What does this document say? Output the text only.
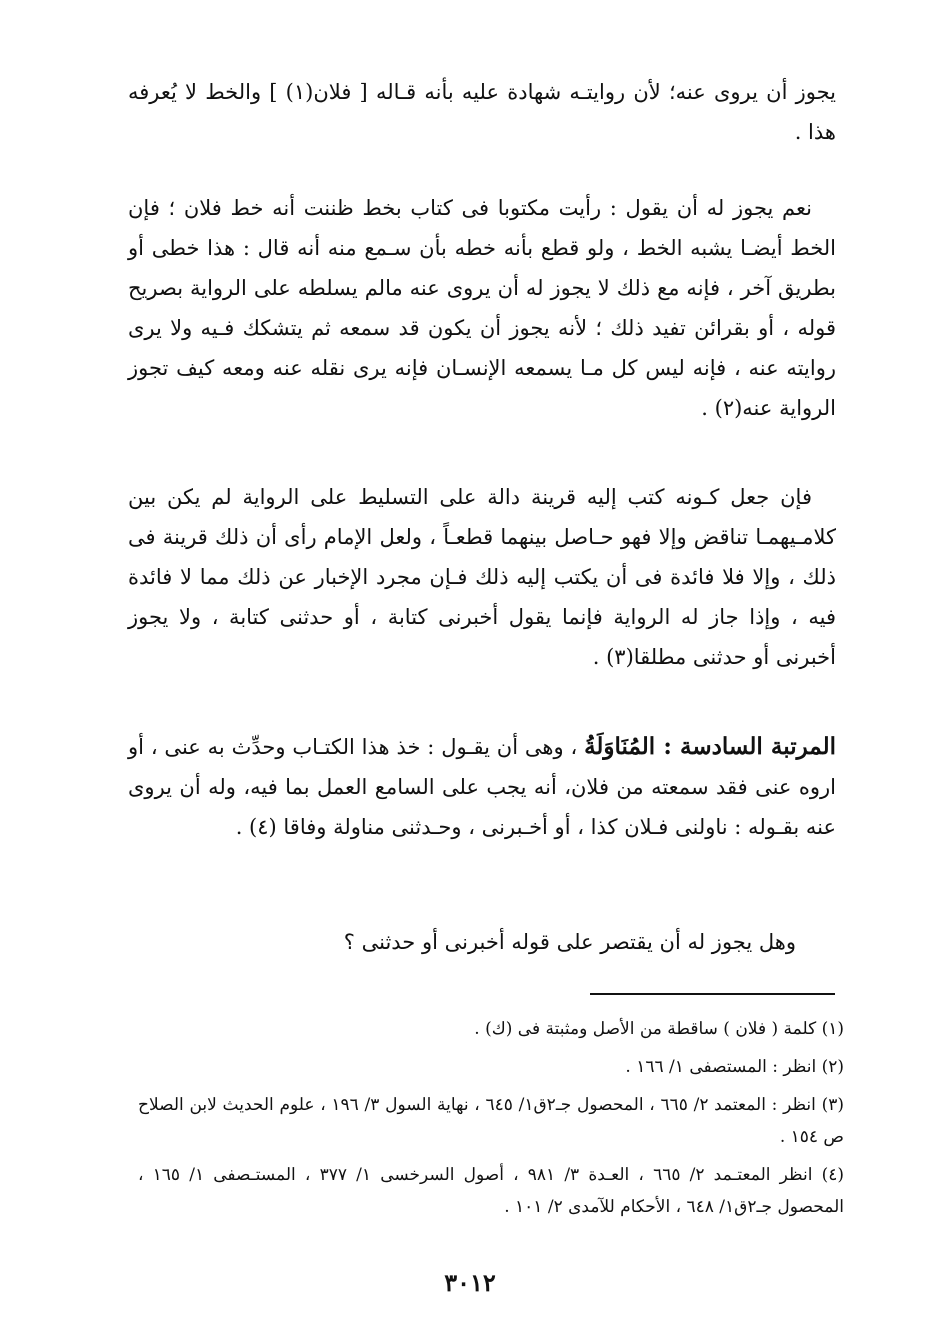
يجوز أن يروى عنه؛ لأن روايتـه شهادة عليه بأنه قـاله [ فلان(١) ] والخط لا يُعرفه هذا .

نعم يجوز له أن يقول : رأيت مكتوبا فى كتاب بخط ظننت أنه خط فلان ؛ فإن الخط أيضـا يشبه الخط ، ولو قطع بأنه خطه بأن سـمع منه أنه قال : هذا خطى أو بطريق آخر ، فإنه مع ذلك لا يجوز له أن يروى عنه مالم يسلطه على الرواية بصريح قوله ، أو بقرائن تفيد ذلك ؛ لأنه يجوز أن يكون قد سمعه ثم يتشكك فـيه ولا يرى روايته عنه ، فإنه ليس كل مـا يسمعه الإنسـان فإنه يرى نقله عنه ومعه كيف تجوز الرواية عنه(٢) .

فإن جعل كـونه كتب إليه قرينة دالة على التسليط على الرواية لم يكن بين كلامـيهمـا تناقض وإلا فهو حـاصل بينهما قطعـاً ، ولعل الإمام رأى أن ذلك قرينة فى ذلك ، وإلا فلا فائدة فى أن يكتب إليه ذلك فـإن مجرد الإخبار عن ذلك مما لا فائدة فيه ، وإذا جاز له الرواية فإنما يقول أخبرنى كتابة ، أو حدثنى كتابة ، ولا يجوز أخبرنى أو حدثنى مطلقا(٣) .

المرتبة السادسة : المُنَاوَلَةُ ، وهى أن يقـول : خذ هذا الكتـاب وحدِّث به عنى ، أو اروه عنى فقد سمعته من فلان، أنه يجب على السامع العمل بما فيه، وله أن يروى عنه بقـوله : ناولنى فـلان كذا ، أو أخـبرنى ، وحـدثنى مناولة وفاقا (٤) .

وهل يجوز له أن يقتصر على قوله أخبرنى أو حدثنى ؟

(١) كلمة ( فلان ) ساقطة من الأصل ومثبتة فى (ك) .

(٢) انظر : المستصفى ١/ ١٦٦ .

(٣) انظر : المعتمد ٢/ ٦٦٥ ، المحصول جـ٢ق١/ ٦٤٥ ، نهاية السول ٣/ ١٩٦ ، علوم الحديث لابن الصلاح ص ١٥٤ .

(٤) انظر المعتـمد ٢/ ٦٦٥ ، العـدة ٣/ ٩٨١ ، أصول السرخسى ١/ ٣٧٧ ، المستـصفى ١/ ١٦٥ ، المحصول جـ٢ق١/ ٦٤٨ ، الأحكام للآمدى ٢/ ١٠١ .

٣٠١٢
